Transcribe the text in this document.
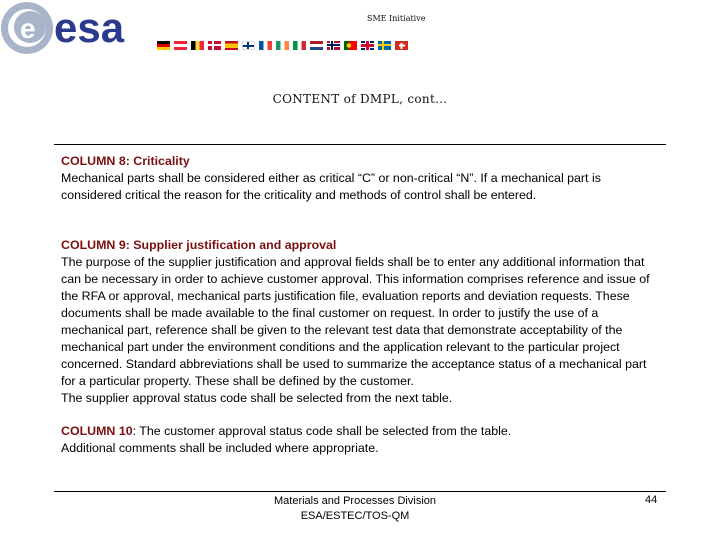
e esa	SME Initiative
CONTENT of DMPL, cont…

COLUMN 8: Criticality
Mechanical parts shall be considered either as critical “C” or non-critical “N”. If a mechanical part is considered critical the reason for the criticality and methods of control shall be entered.

COLUMN 9: Supplier justification and approval
The purpose of the supplier justification and approval fields shall be to enter any additional information that can be necessary in order to achieve customer approval. This information comprises reference and issue of the RFA or approval, mechanical parts justification file, evaluation reports and deviation requests. These documents shall be made available to the final customer on request. In order to justify the use of a mechanical part, reference shall be given to the relevant test data that demonstrate acceptability of the mechanical part under the environment conditions and the application relevant to the particular project concerned. Standard abbreviations shall be used to summarize the acceptance status of a mechanical part for a particular property. These shall be defined by the customer.
The supplier approval status code shall be selected from the next table.

COLUMN 10: The customer approval status code shall be selected from the table.
Additional comments shall be included where appropriate.

Materials and Processes Division
ESA/ESTEC/TOS-QM
44
